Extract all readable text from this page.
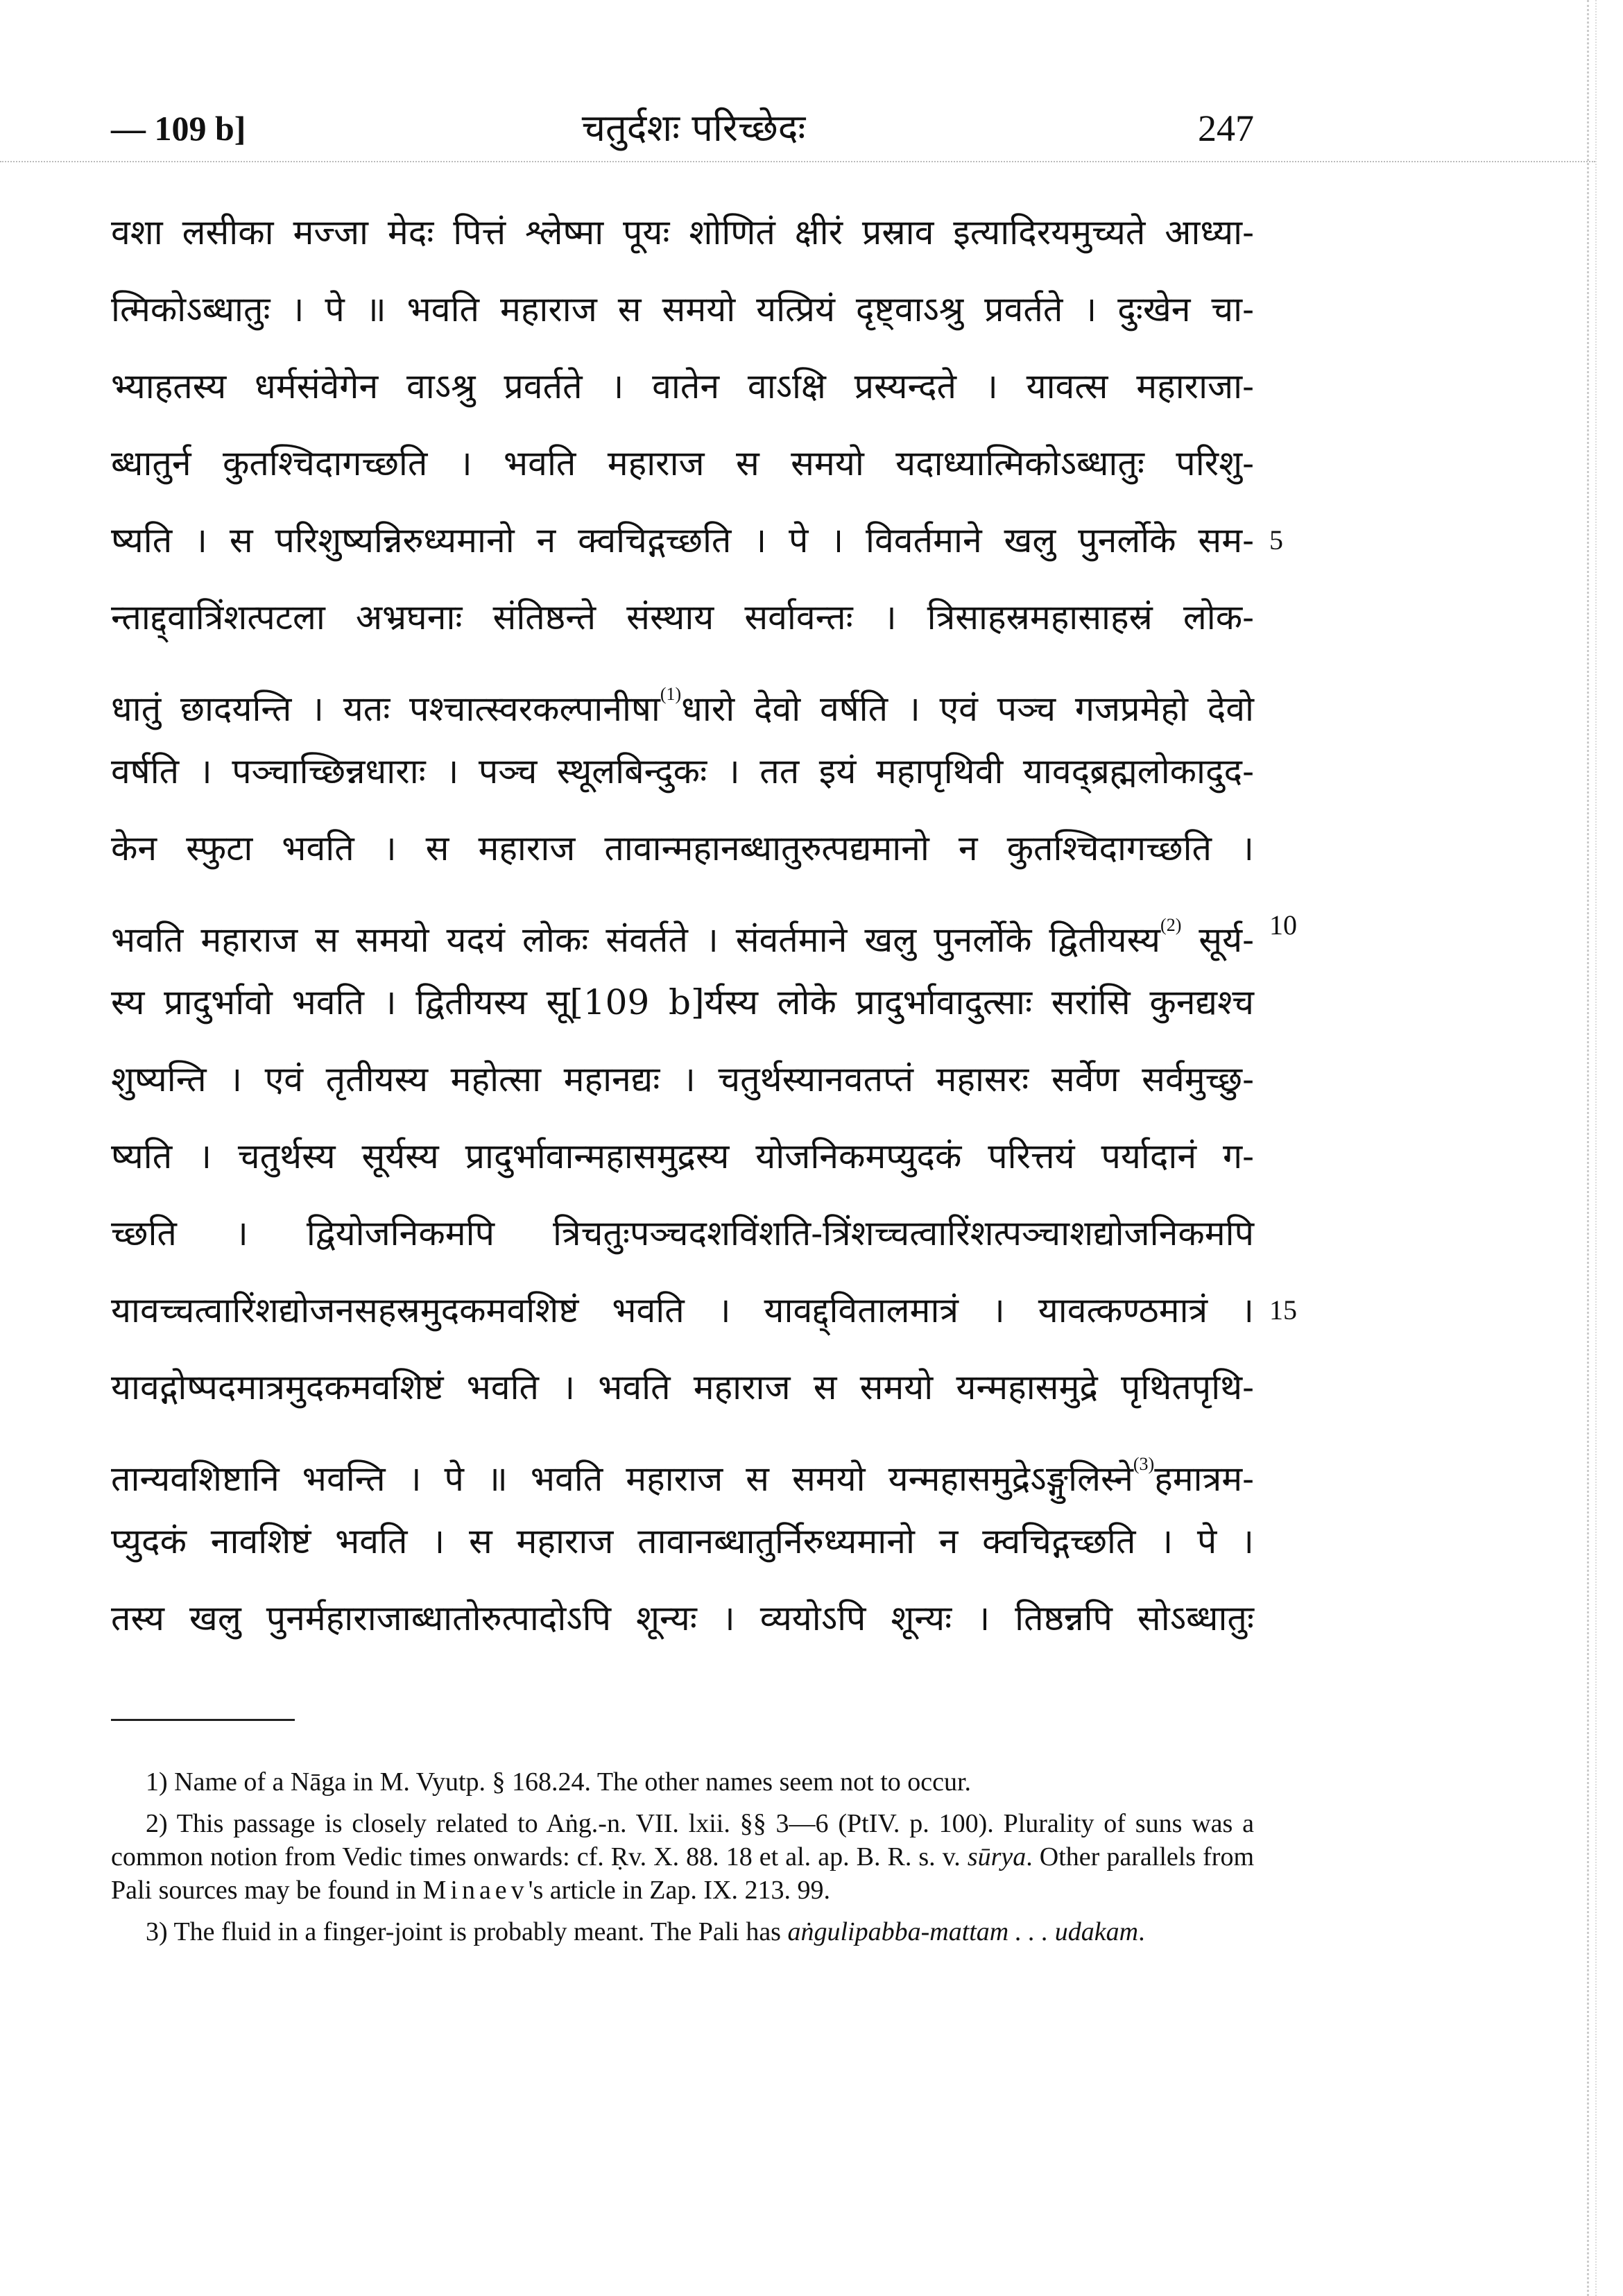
— 109 b]	चतुर्दशः परिच्छेदः	247
वशा लसीका मज्जा मेदः पित्तं श्लेष्मा पूयः शोणितं क्षीरं प्रस्राव इत्यादिरयमुच्यते आध्या-
त्मिकोऽब्धातुः । पे ॥ भवति महाराज स समयो यत्प्रियं दृष्ट्वाऽश्रु प्रवर्तते । दुःखेन चा-
भ्याहतस्य धर्मसंवेगेन वाऽश्रु प्रवर्तते । वातेन वाऽक्षि प्रस्यन्दते । यावत्स महाराजा-
ब्धातुर्न कुतश्चिदागच्छति । भवति महाराज स समयो यदाध्यात्मिकोऽब्धातुः परिशु-
ष्यति । स परिशुष्यन्निरुध्यमानो न क्वचिद्गच्छति । पे । विवर्तमाने खलु पुनर्लोके सम- 5
न्ताद्द्वात्रिंशत्पटला अभ्रघनाः संतिष्ठन्ते संस्थाय सर्वावन्तः । त्रिसाहस्रमहासाहस्रं लोक-
धातुं छादयन्ति । यतः पश्चात्स्वरकल्पानीषा$^{(1)}$धारो देवो वर्षति । एवं पञ्च गजप्रमेहो देवो
वर्षति । पञ्चाच्छिन्नधाराः । पञ्च स्थूलबिन्दुकः । तत इयं महापृथिवी यावद्ब्रह्मलोकादुद-
केन स्फुटा भवति । स महाराज तावान्महानब्धातुरुत्पद्यमानो न कुतश्चिदागच्छति ।
भवति महाराज स समयो यदयं लोकः संवर्तते । संवर्तमाने खलु पुनर्लोके द्वितीयस्य$^{(2)}$ सूर्य- 10
स्य प्रादुर्भावो भवति । द्वितीयस्य सू[109 b]र्यस्य लोके प्रादुर्भावादुत्साः सरांसि कुनद्यश्च
शुष्यन्ति । एवं तृतीयस्य महोत्सा महानद्यः । चतुर्थस्यानवतप्तं महासरः सर्वेण सर्वमुच्छु-
ष्यति । चतुर्थस्य सूर्यस्य प्रादुर्भावान्महासमुद्रस्य योजनिकमप्युदकं परित्तयं पर्यादानं ग-
च्छति । द्वियोजनिकमपि त्रिचतुःपञ्चदशविंशति-त्रिंशच्चत्वारिंशत्पञ्चाशद्योजनिकमपि
यावच्चत्वारिंशद्योजनसहस्रमुदकमवशिष्टं भवति । यावद्द्वितालमात्रं । यावत्कण्ठमात्रं । 15
यावद्गोष्पदमात्रमुदकमवशिष्टं भवति । भवति महाराज स समयो यन्महासमुद्रे पृथितपृथि-
तान्यवशिष्टानि भवन्ति । पे ॥ भवति महाराज स समयो यन्महासमुद्रेऽङ्गुलिस्ने$^{(3)}$हमात्रम-
प्युदकं नावशिष्टं भवति । स महाराज तावानब्धातुर्निरुध्यमानो न क्वचिद्गच्छति । पे ।
तस्य खलु पुनर्महाराजाब्धातोरुत्पादोऽपि शून्यः । व्ययोऽपि शून्यः । तिष्ठन्नपि सोऽब्धातुः
1) Name of a Nāga in M. Vyutp. § 168.24. The other names seem not to occur.
2) This passage is closely related to Aṅg.-n. VII. lxii. §§ 3—6 (PtIV. p. 100). Plurality of suns was a common notion from Vedic times onwards: cf. Ṛv. X. 88. 18 et al. ap. B. R. s. v. sūrya. Other parallels from Pali sources may be found in Minaev's article in Zap. IX. 213. 99.
3) The fluid in a finger-joint is probably meant. The Pali has aṅgulipabba-mattam . . . udakam.
